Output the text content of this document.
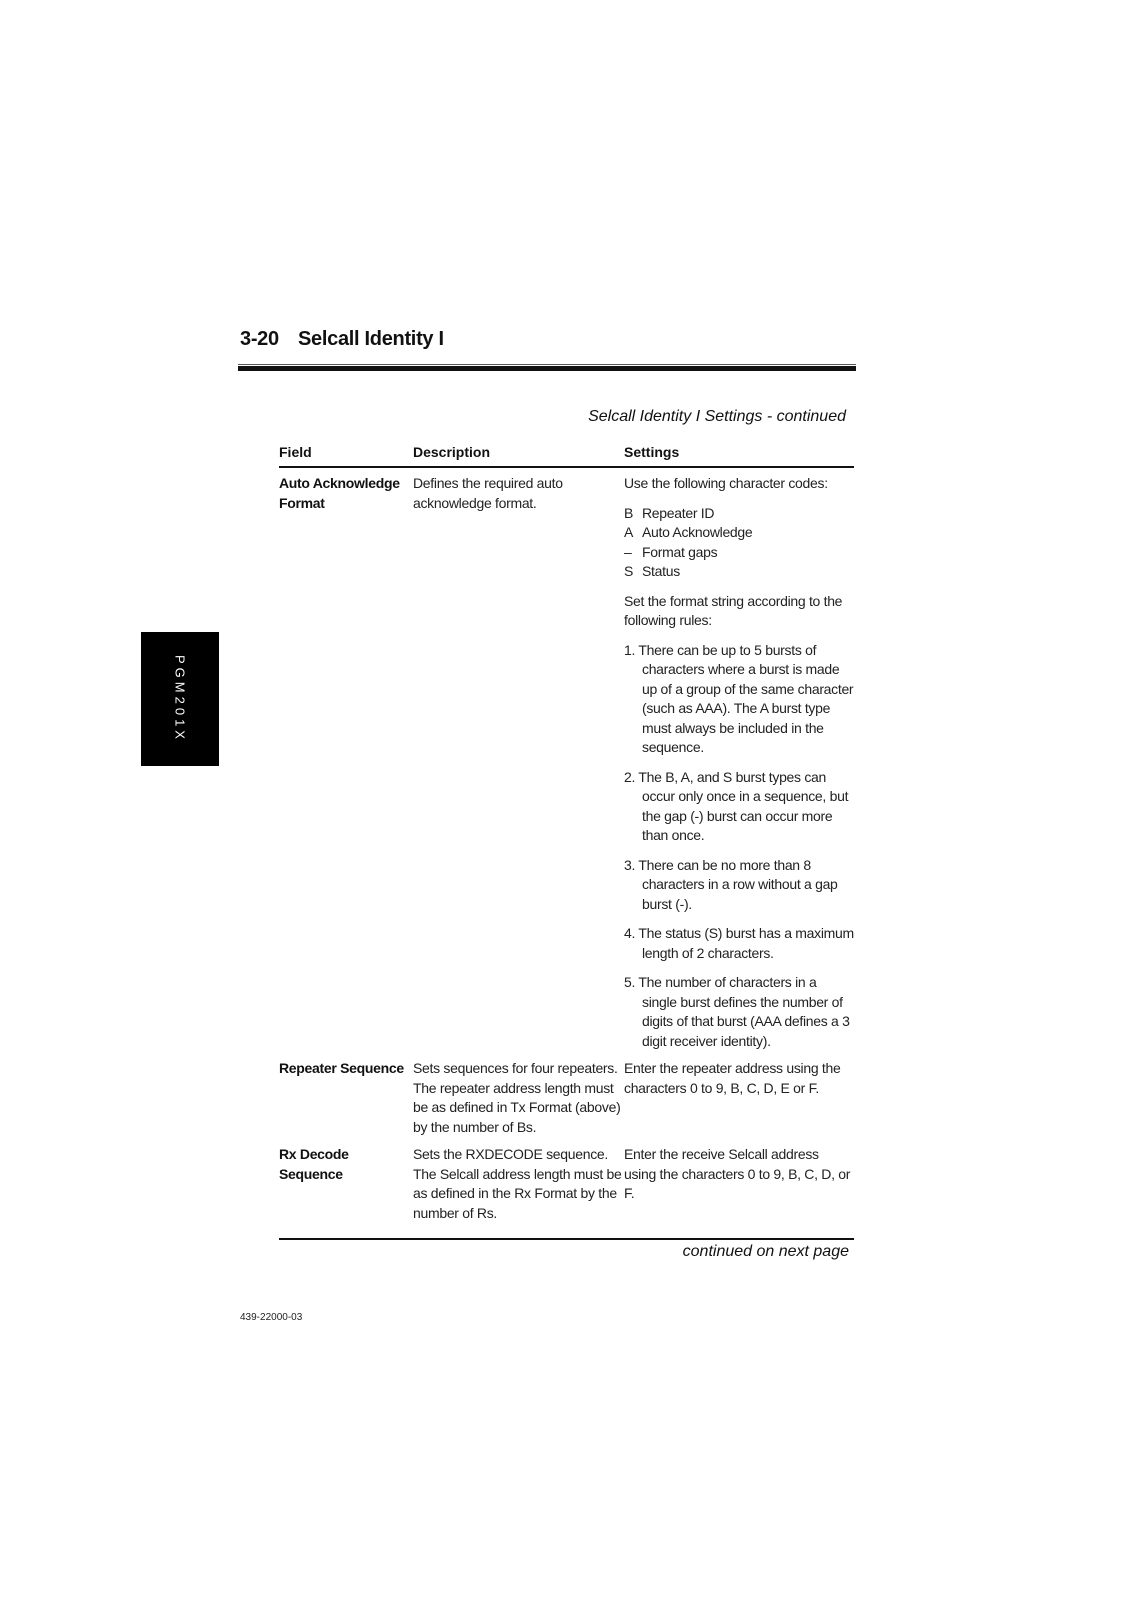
3-20 Selcall Identity I
PGM201X
Selcall Identity I Settings - continued
Field	Description	Settings
Auto Acknowledge Format
Defines the required auto acknowledge format.

Use the following character codes:

B Repeater ID
A Auto Acknowledge
– Format gaps
S Status

Set the format string according to the following rules:

1. There can be up to 5 bursts of characters where a burst is made up of a group of the same character (such as AAA). The A burst type must always be included in the sequence.
2. The B, A, and S burst types can occur only once in a sequence, but the gap (-) burst can occur more than once.
3. There can be no more than 8 characters in a row without a gap burst (-).
4. The status (S) burst has a maximum length of 2 characters.
5. The number of characters in a single burst defines the number of digits of that burst (AAA defines a 3 digit receiver identity).
Repeater Sequence Sets sequences for four repeaters. The repeater address length must be as defined in Tx Format (above) by the number of Bs.
Enter the repeater address using the characters 0 to 9, B, C, D, E or F.
Rx Decode Sequence
Sets the RXDECODE sequence. The Selcall address length must be as defined in the Rx Format by the number of Rs.
Enter the receive Selcall address using the characters 0 to 9, B, C, D, or F.
continued on next page
439-22000-03
